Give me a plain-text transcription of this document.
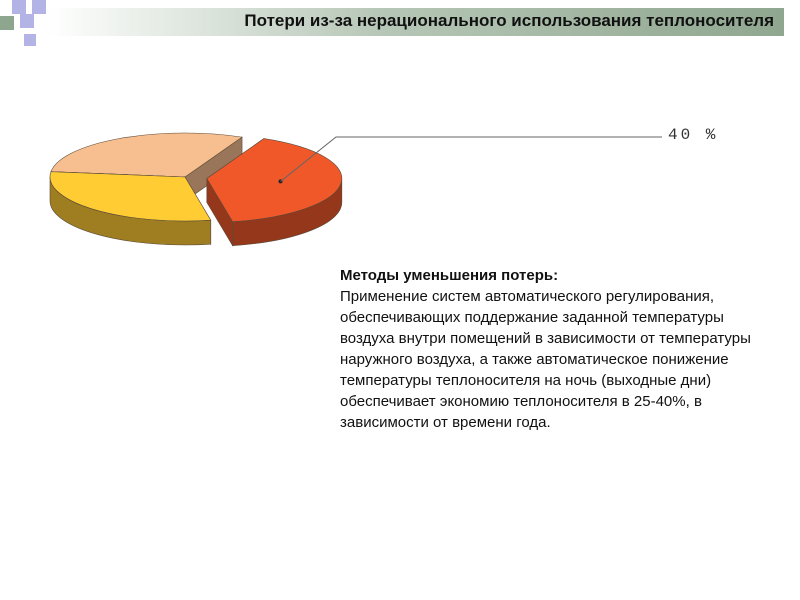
Потери из-за нерационального использования теплоносителя
40 %
Методы уменьшения потерь:

Применение систем автоматического регулирования, обеспечивающих поддержание заданной температуры воздуха внутри помещений в зависимости от температуры наружного воздуха, а также автоматическое понижение температуры теплоносителя на ночь (выходные дни) обеспечивает экономию теплоносителя в 25-40%, в зависимости от времени года.
